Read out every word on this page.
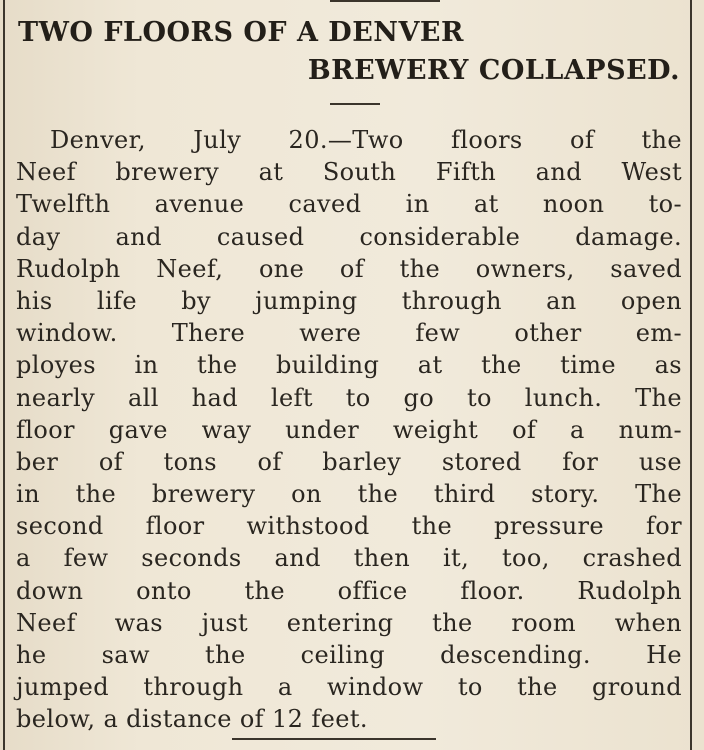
TWO FLOORS OF A DENVER
BREWERY COLLAPSED.
Denver, July 20.—Two floors of the
Neef brewery at South Fifth and West
Twelfth avenue caved in at noon to-
day and caused considerable damage.
Rudolph Neef, one of the owners, saved
his life by jumping through an open
window. There were few other em-
ployes in the building at the time as
nearly all had left to go to lunch. The
floor gave way under weight of a num-
ber of tons of barley stored for use
in the brewery on the third story. The
second floor withstood the pressure for
a few seconds and then it, too, crashed
down onto the office floor. Rudolph
Neef was just entering the room when
he saw the ceiling descending. He
jumped through a window to the ground
below, a distance of 12 feet.
